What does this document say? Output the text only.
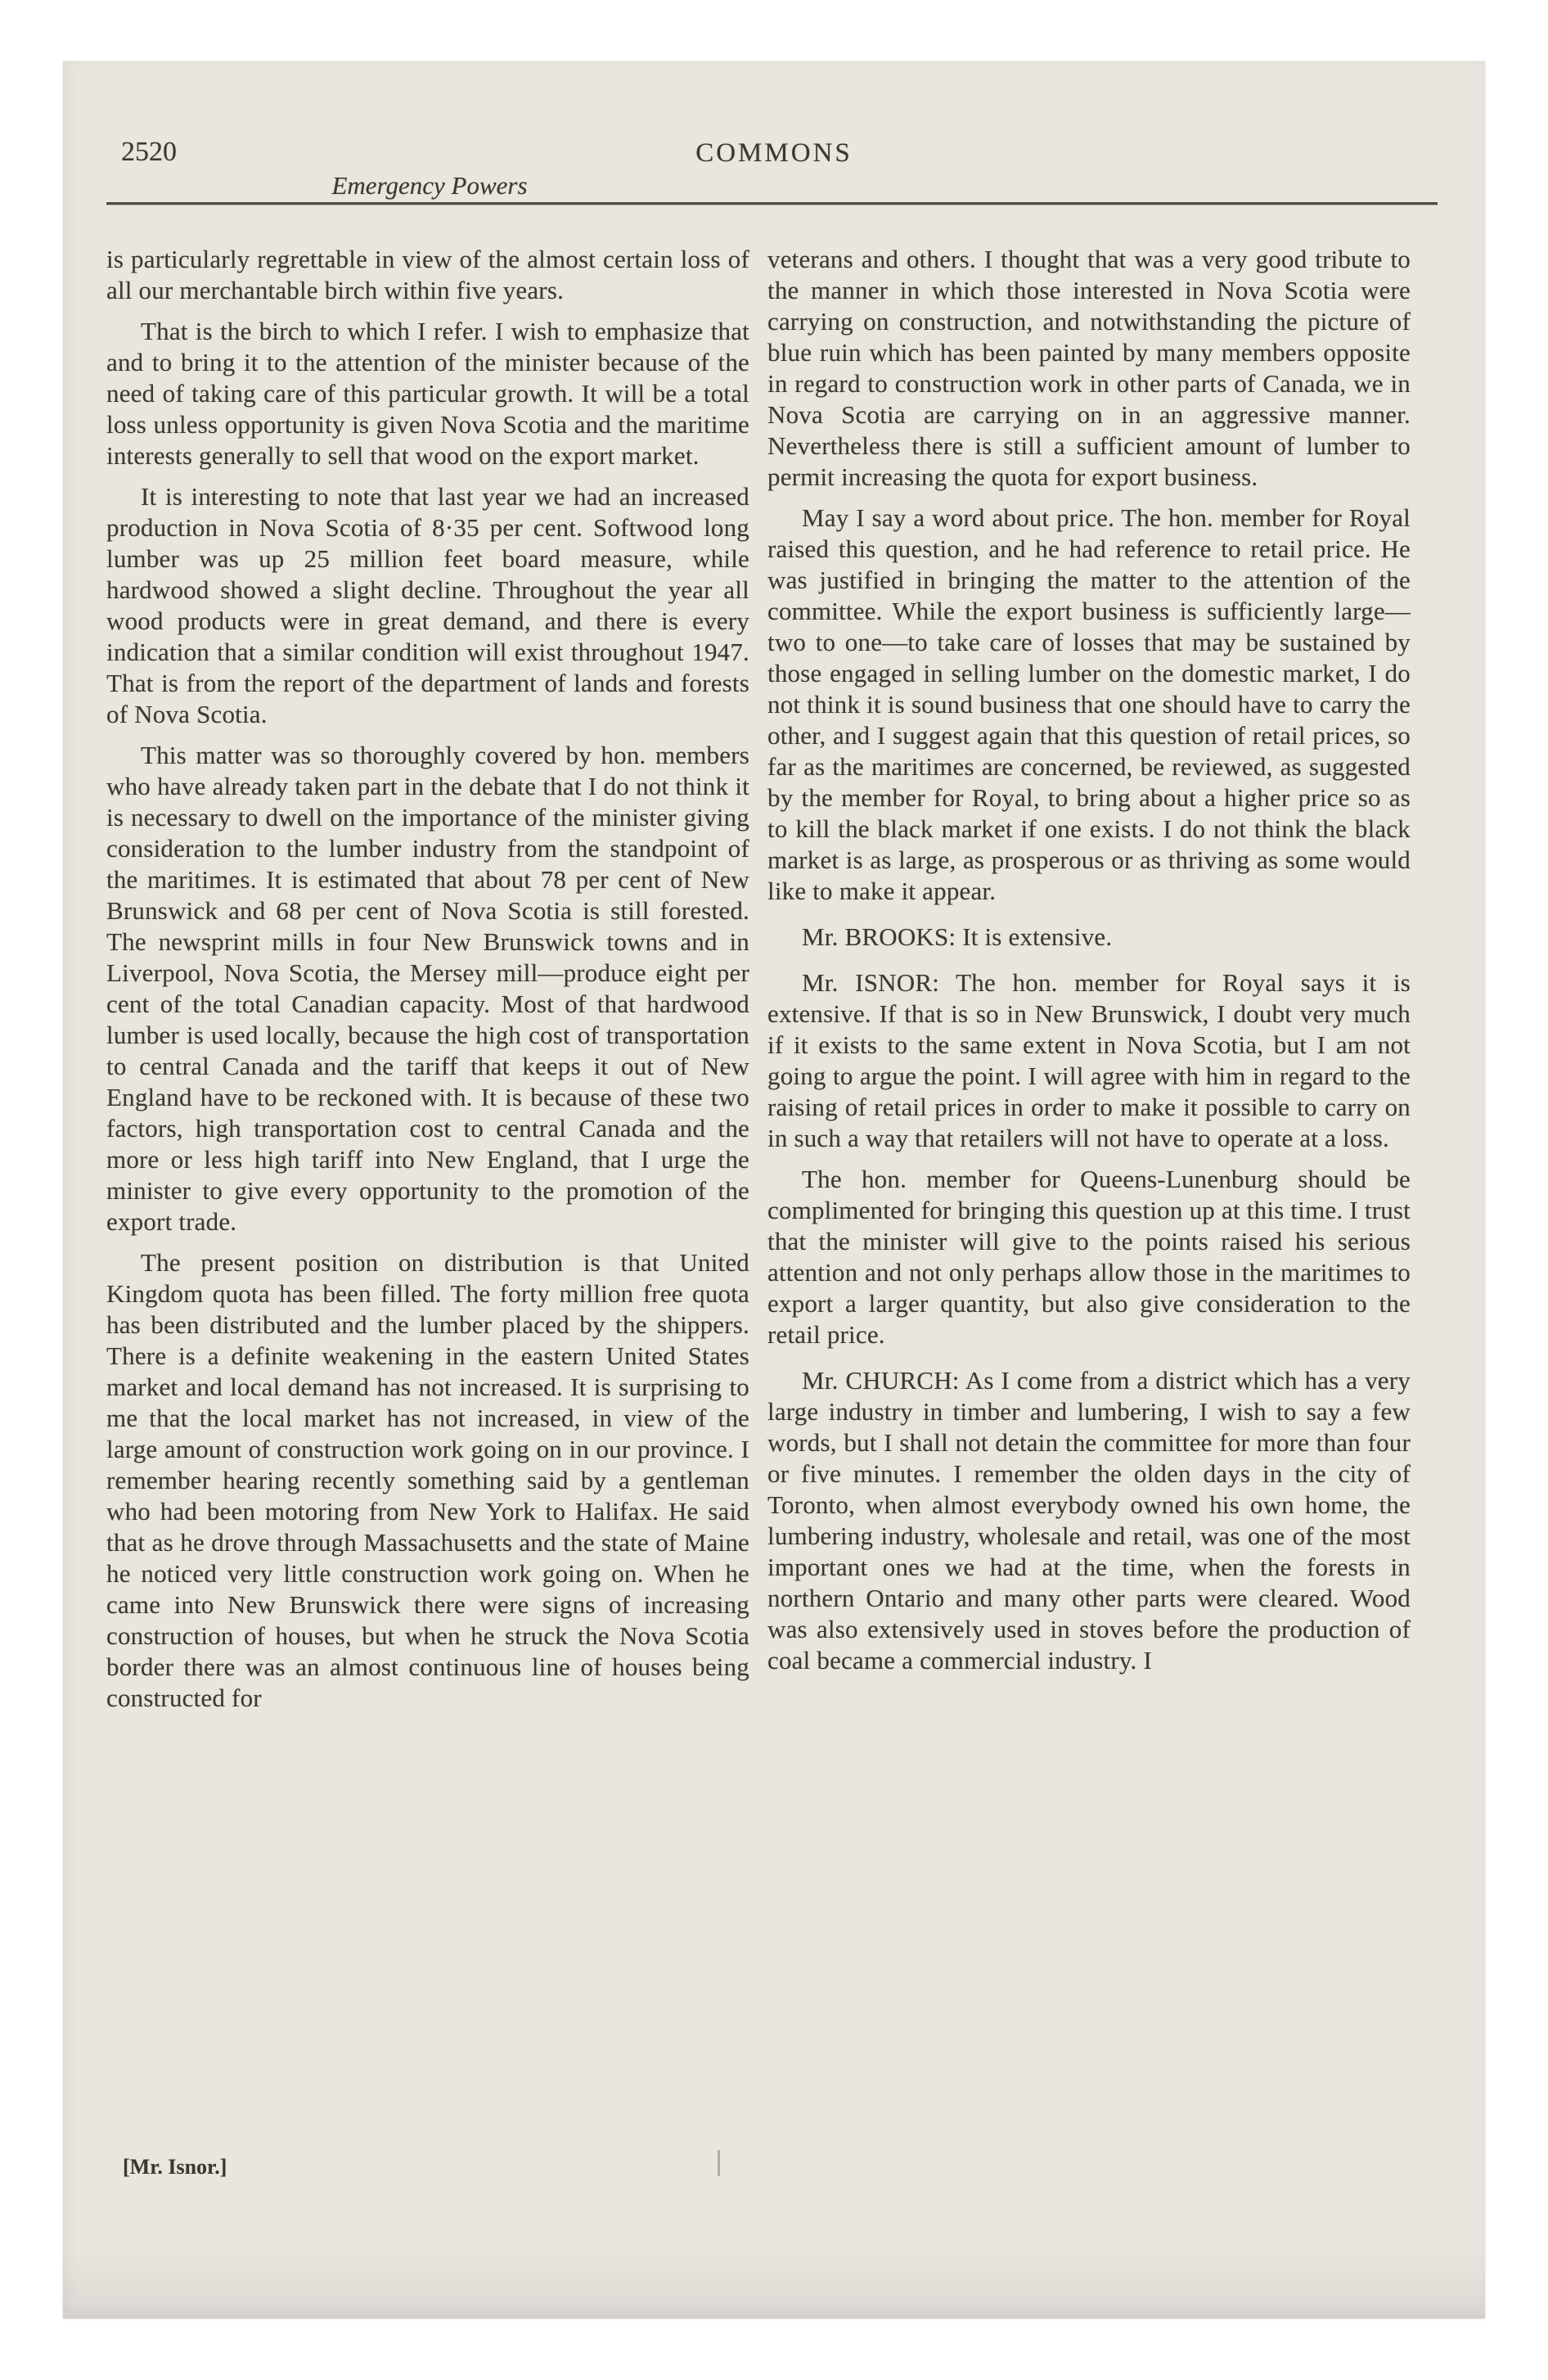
2520	COMMONS
Emergency Powers

is particularly regrettable in view of the almost certain loss of all our merchantable birch within five years.

That is the birch to which I refer. I wish to emphasize that and to bring it to the attention of the minister because of the need of taking care of this particular growth. It will be a total loss unless opportunity is given Nova Scotia and the maritime interests generally to sell that wood on the export market.

It is interesting to note that last year we had an increased production in Nova Scotia of 8·35 per cent. Softwood long lumber was up 25 million feet board measure, while hardwood showed a slight decline. Throughout the year all wood products were in great demand, and there is every indication that a similar condition will exist throughout 1947. That is from the report of the department of lands and forests of Nova Scotia.

This matter was so thoroughly covered by hon. members who have already taken part in the debate that I do not think it is necessary to dwell on the importance of the minister giving consideration to the lumber industry from the standpoint of the maritimes. It is estimated that about 78 per cent of New Brunswick and 68 per cent of Nova Scotia is still forested. The newsprint mills in four New Brunswick towns and in Liverpool, Nova Scotia, the Mersey mill—produce eight per cent of the total Canadian capacity. Most of that hardwood lumber is used locally, because the high cost of transportation to central Canada and the tariff that keeps it out of New England have to be reckoned with. It is because of these two factors, high transportation cost to central Canada and the more or less high tariff into New England, that I urge the minister to give every opportunity to the promotion of the export trade.

The present position on distribution is that United Kingdom quota has been filled. The forty million free quota has been distributed and the lumber placed by the shippers. There is a definite weakening in the eastern United States market and local demand has not increased. It is surprising to me that the local market has not increased, in view of the large amount of construction work going on in our province. I remember hearing recently something said by a gentleman who had been motoring from New York to Halifax. He said that as he drove through Massachusetts and the state of Maine he noticed very little construction work going on. When he came into New Brunswick there were signs of increasing construction of houses, but when he struck the Nova Scotia border there was an almost continuous line of houses being constructed for

veterans and others. I thought that was a very good tribute to the manner in which those interested in Nova Scotia were carrying on construction, and notwithstanding the picture of blue ruin which has been painted by many members opposite in regard to construction work in other parts of Canada, we in Nova Scotia are carrying on in an aggressive manner. Nevertheless there is still a sufficient amount of lumber to permit increasing the quota for export business.

May I say a word about price. The hon. member for Royal raised this question, and he had reference to retail price. He was justified in bringing the matter to the attention of the committee. While the export business is sufficiently large—two to one—to take care of losses that may be sustained by those engaged in selling lumber on the domestic market, I do not think it is sound business that one should have to carry the other, and I suggest again that this question of retail prices, so far as the maritimes are concerned, be reviewed, as suggested by the member for Royal, to bring about a higher price so as to kill the black market if one exists. I do not think the black market is as large, as prosperous or as thriving as some would like to make it appear.

Mr. BROOKS: It is extensive.

Mr. ISNOR: The hon. member for Royal says it is extensive. If that is so in New Brunswick, I doubt very much if it exists to the same extent in Nova Scotia, but I am not going to argue the point. I will agree with him in regard to the raising of retail prices in order to make it possible to carry on in such a way that retailers will not have to operate at a loss.

The hon. member for Queens-Lunenburg should be complimented for bringing this question up at this time. I trust that the minister will give to the points raised his serious attention and not only perhaps allow those in the maritimes to export a larger quantity, but also give consideration to the retail price.

Mr. CHURCH: As I come from a district which has a very large industry in timber and lumbering, I wish to say a few words, but I shall not detain the committee for more than four or five minutes. I remember the olden days in the city of Toronto, when almost everybody owned his own home, the lumbering industry, wholesale and retail, was one of the most important ones we had at the time, when the forests in northern Ontario and many other parts were cleared. Wood was also extensively used in stoves before the production of coal became a commercial industry. I

[Mr. Isnor.]
